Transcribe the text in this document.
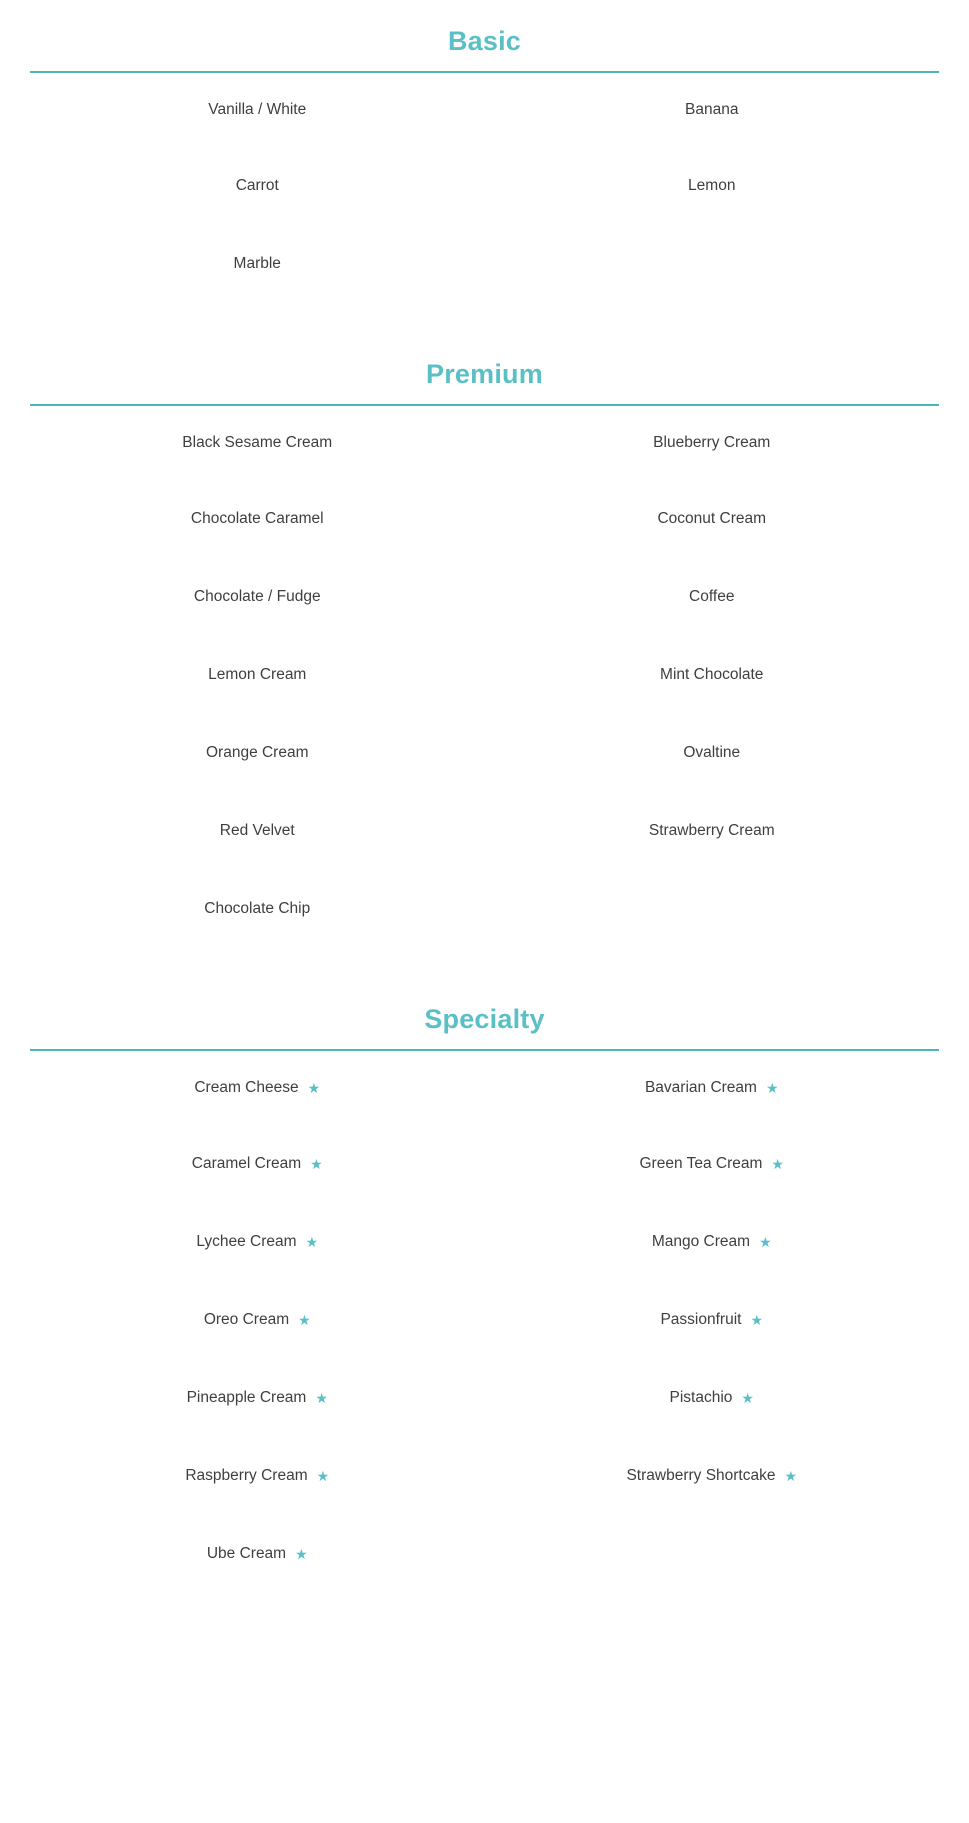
Basic
Vanilla / White	Banana

Carrot	Lemon

Marble	

Premium
Black Sesame Cream	Blueberry Cream

Chocolate Caramel	Coconut Cream

Chocolate / Fudge	Coffee

Lemon Cream	Mint Chocolate

Orange Cream	Ovaltine

Red Velvet	Strawberry Cream

Chocolate Chip	

Specialty
Cream Cheese ★	Bavarian Cream ★

Caramel Cream ★	Green Tea Cream ★

Lychee Cream ★	Mango Cream ★

Oreo Cream ★	Passionfruit ★

Pineapple Cream ★	Pistachio ★

Raspberry Cream ★	Strawberry Shortcake ★

Ube Cream ★	
